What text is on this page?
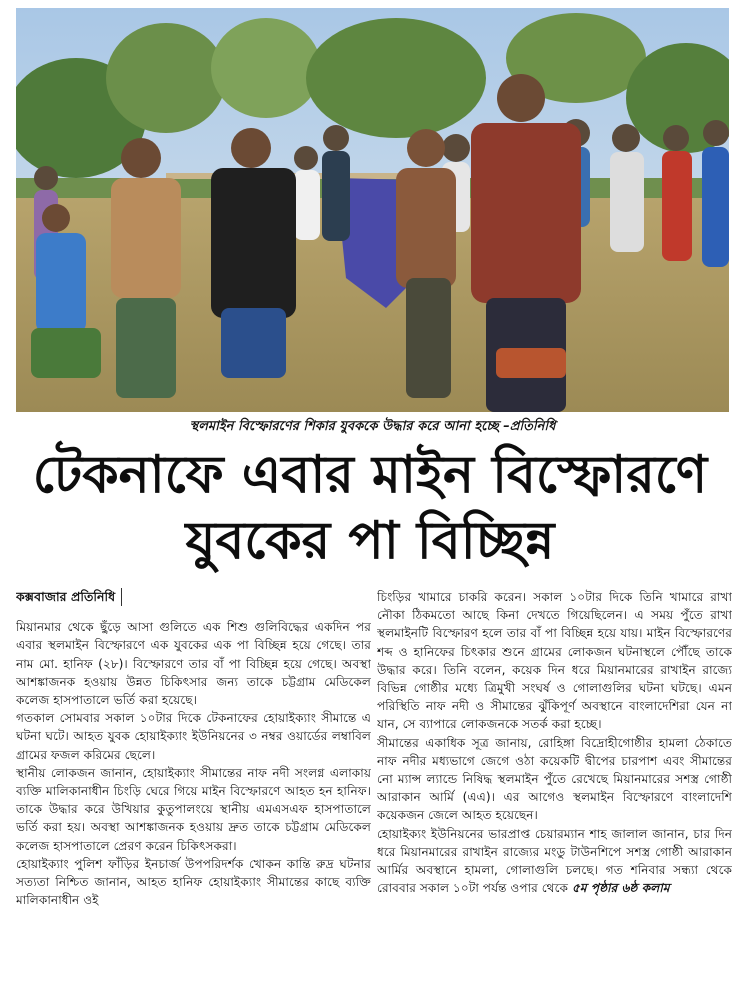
স্থলমাইন বিস্ফোরণের শিকার যুবককে উদ্ধার করে আনা হচ্ছে –প্রতিনিধি
টেকনাফে এবার মাইন বিস্ফোরণে
যুবকের পা বিচ্ছিন্ন
কক্সবাজার প্রতিনিধি

মিয়ানমার থেকে ছুঁড়ে আসা গুলিতে এক শিশু গুলিবিদ্ধের একদিন পর এবার স্থলমাইন বিস্ফোরণে এক যুবকের এক পা বিচ্ছিন্ন হয়ে গেছে। তার নাম মো. হানিফ (২৮)। বিস্ফোরণে তার বাঁ পা বিচ্ছিন্ন হয়ে গেছে। অবস্থা আশঙ্কাজনক হওয়ায় উন্নত চিকিৎসার জন্য তাকে চট্টগ্রাম মেডিকেল কলেজ হাসপাতালে ভর্তি করা হয়েছে।

গতকাল সোমবার সকাল ১০টার দিকে টেকনাফের হোয়াইক্যাং সীমান্তে এ ঘটনা ঘটে। আহত যুবক হোয়াইক্যাং ইউনিয়নের ৩ নম্বর ওয়ার্ডের লম্বাবিল গ্রামের ফজল করিমের ছেলে।

স্থানীয় লোকজন জানান, হোয়াইক্যাং সীমান্তের নাফ নদী সংলগ্ন এলাকায় ব্যক্তি মালিকানাধীন চিংড়ি ঘেরে গিয়ে মাইন বিস্ফোরণে আহত হন হানিফ। তাকে উদ্ধার করে উখিয়ার কুতুপালংয়ে স্থানীয় এমএসএফ হাসপাতালে ভর্তি করা হয়। অবস্থা আশঙ্কাজনক হওয়ায় দ্রুত তাকে চট্টগ্রাম মেডিকেল কলেজ হাসপাতালে প্রেরণ করেন চিকিৎসকরা।

হোয়াইক্যাং পুলিশ ফাঁড়ির ইনচার্জ উপপরিদর্শক খোকন কান্তি রুদ্র ঘটনার সত্যতা নিশ্চিত জানান, আহত হানিফ হোয়াইক্যাং সীমান্তের কাছে ব্যক্তি মালিকানাধীন ওই

চিংড়ির খামারে চাকরি করেন। সকাল ১০টার দিকে তিনি খামারে রাখা নৌকা ঠিকমতো আছে কিনা দেখতে গিয়েছিলেন। এ সময় পুঁতে রাখা স্থলমাইনটি বিস্ফোরণ হলে তার বাঁ পা বিচ্ছিন্ন হয়ে যায়। মাইন বিস্ফোরণের শব্দ ও হানিফের চিৎকার শুনে গ্রামের লোকজন ঘটনাস্থলে পৌঁছে তাকে উদ্ধার করে। তিনি বলেন, কয়েক দিন ধরে মিয়ানমারের রাখাইন রাজ্যে বিভিন্ন গোষ্ঠীর মধ্যে ত্রিমুখী সংঘর্ষ ও গোলাগুলির ঘটনা ঘটছে। এমন পরিস্থিতি নাফ নদী ও সীমান্তের ঝুঁকিপূর্ণ অবস্থানে বাংলাদেশিরা যেন না যান, সে ব্যাপারে লোকজনকে সতর্ক করা হচ্ছে।

সীমান্তের একাধিক সূত্র জানায়, রোহিঙ্গা বিদ্রোহীগোষ্ঠীর হামলা ঠেকাতে নাফ নদীর মধ্যভাগে জেগে ওঠা কয়েকটি দ্বীপের চারপাশ এবং সীমান্তের নো ম্যান্স ল্যান্ডে নিষিদ্ধ স্থলমাইন পুঁতে রেখেছে মিয়ানমারের সশস্ত্র গোষ্ঠী আরাকান আর্মি (এএ)। এর আগেও স্থলমাইন বিস্ফোরণে বাংলাদেশি কয়েকজন জেলে আহত হয়েছেন।

হোয়াইক্যং ইউনিয়নের ভারপ্রাপ্ত চেয়ারম্যান শাহ জালাল জানান, চার দিন ধরে মিয়ানমারের রাখাইন রাজ্যের মংডু টাউনশিপে সশস্ত্র গোষ্ঠী আরাকান আর্মির অবস্থানে হামলা, গোলাগুলি চলছে। গত শনিবার সন্ধ্যা থেকে রোববার সকাল ১০টা পর্যন্ত ওপার থেকে ৫ম পৃষ্ঠার ৬ষ্ঠ কলাম
